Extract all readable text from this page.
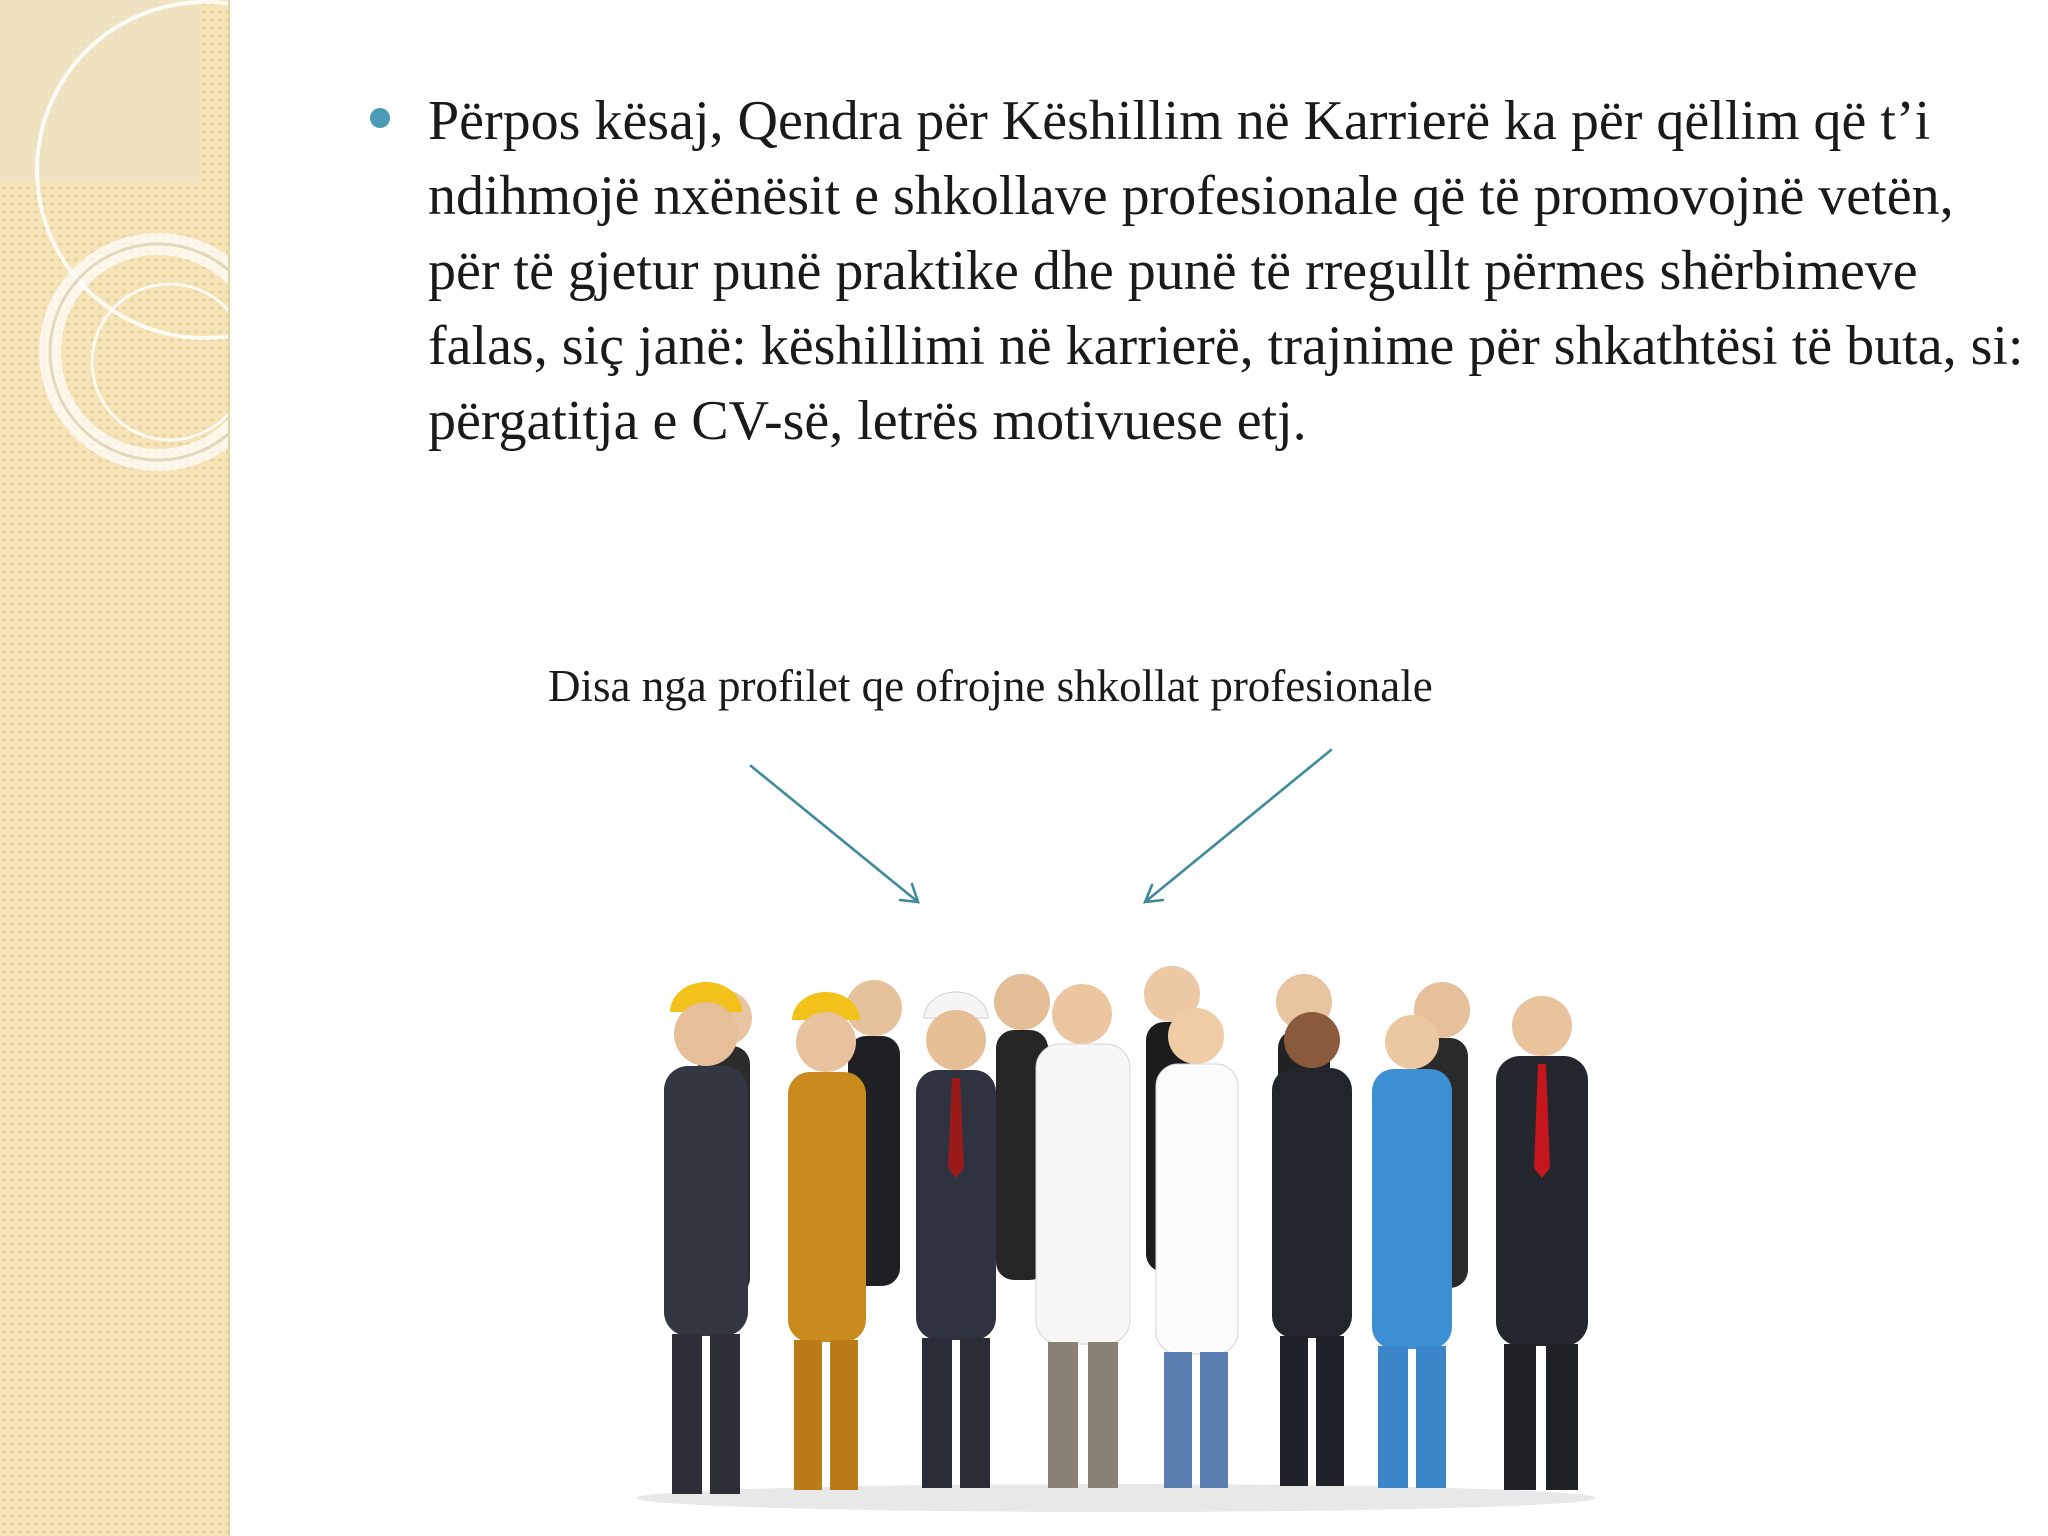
Përpos kësaj, Qendra për Këshillim në Karrierë ka për qëllim që t’i ndihmojë nxënësit e shkollave profesionale që të promovojnë vetën, për të gjetur punë praktike dhe punë të rregullt përmes shërbimeve falas, siç janë: këshillimi në karrierë, trajnime për shkathtësi të buta, si: përgatitja e CV-së, letrës motivuese etj.
Disa nga profilet qe ofrojne shkollat profesionale
